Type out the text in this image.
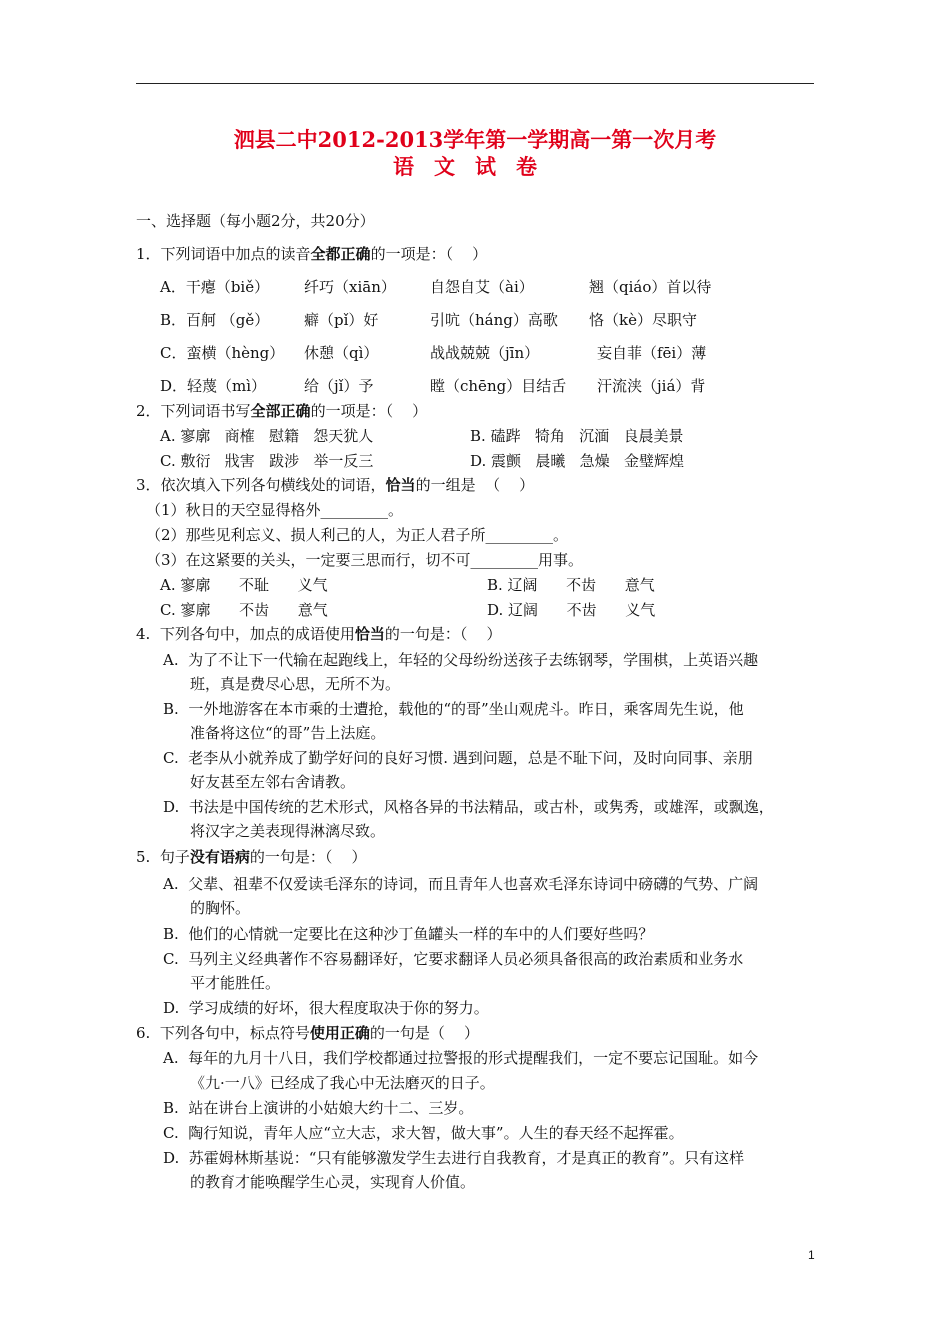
泗县二中2012-2013学年第一学期高一第一次月考
语文试卷
一、选择题（每小题2分，共20分）
1．下列词语中加点的读音全都正确的一项是：（    ）
A．干瘪（biě） 纤巧（xiān） 自怨自艾（ài）	翘（qiáo）首以待
B．百舸 （gě） 癖（pǐ）好	引吭（háng）高歌 恪（kè）尽职守
C．蛮横（hèng） 休憩（qì）	战战兢兢（jīn）	妄自菲（fēi）薄
D．轻蔑（mì）	给（jǐ）予	瞠（chēng）目结舌 汗流浃（jiá）背
2．下列词语书写全部正确的一项是：（    ）
A. 寥廓   商榷   慰籍   怨天犹人	B. 磕跸   犄角   沉湎   良晨美景
C. 敷衍   戕害   跋涉   举一反三	D. 震颤   晨曦   急燥   金璧辉煌
3．依次填入下列各句横线处的词语，恰当的一组是  （    ）
（1）秋日的天空显得格外_________。
（2）那些见利忘义、损人利己的人，为正人君子所_________。
（3）在这紧要的关头，一定要三思而行，切不可_________用事。
A. 寥廓      不耻      义气	B. 辽阔      不齿      意气
C. 寥廓      不齿      意气	D. 辽阔      不齿      义气
4.  下列各句中，加点的成语使用恰当的一句是：（    ）
A.  为了不让下一代输在起跑线上，年轻的父母纷纷送孩子去练钢琴，学围棋，上英语兴趣
班，真是费尽心思，无所不为。
B.  一外地游客在本市乘的士遭抢，载他的“的哥”坐山观虎斗。昨日，乘客周先生说，他
准备将这位“的哥”告上法庭。
C.  老李从小就养成了勤学好问的良好习惯. 遇到问题，总是不耻下问，及时向同事、亲朋
好友甚至左邻右舍请教。
D.  书法是中国传统的艺术形式，风格各异的书法精品，或古朴，或隽秀，或雄浑，或飘逸，
将汉字之美表现得淋漓尽致。
5.  句子没有语病的一句是：（    ）
A.  父辈、祖辈不仅爱读毛泽东的诗词，而且青年人也喜欢毛泽东诗词中磅礴的气势、广阔
的胸怀。
B.  他们的心情就一定要比在这种沙丁鱼罐头一样的车中的人们要好些吗？
C.  马列主义经典著作不容易翻译好，它要求翻译人员必须具备很高的政治素质和业务水
平才能胜任。
D.  学习成绩的好坏，很大程度取决于你的努力。
6.  下列各句中，标点符号使用正确的一句是（    ）
A.  每年的九月十八日，我们学校都通过拉警报的形式提醒我们，一定不要忘记国耻。如今
《九·一八》已经成了我心中无法磨灭的日子。
B.  站在讲台上演讲的小姑娘大约十二、三岁。
C.  陶行知说，青年人应“立大志，求大智，做大事”。人生的春天经不起挥霍。
D.  苏霍姆林斯基说：“只有能够激发学生去进行自我教育，才是真正的教育”。只有这样
的教育才能唤醒学生心灵，实现育人价值。
1
